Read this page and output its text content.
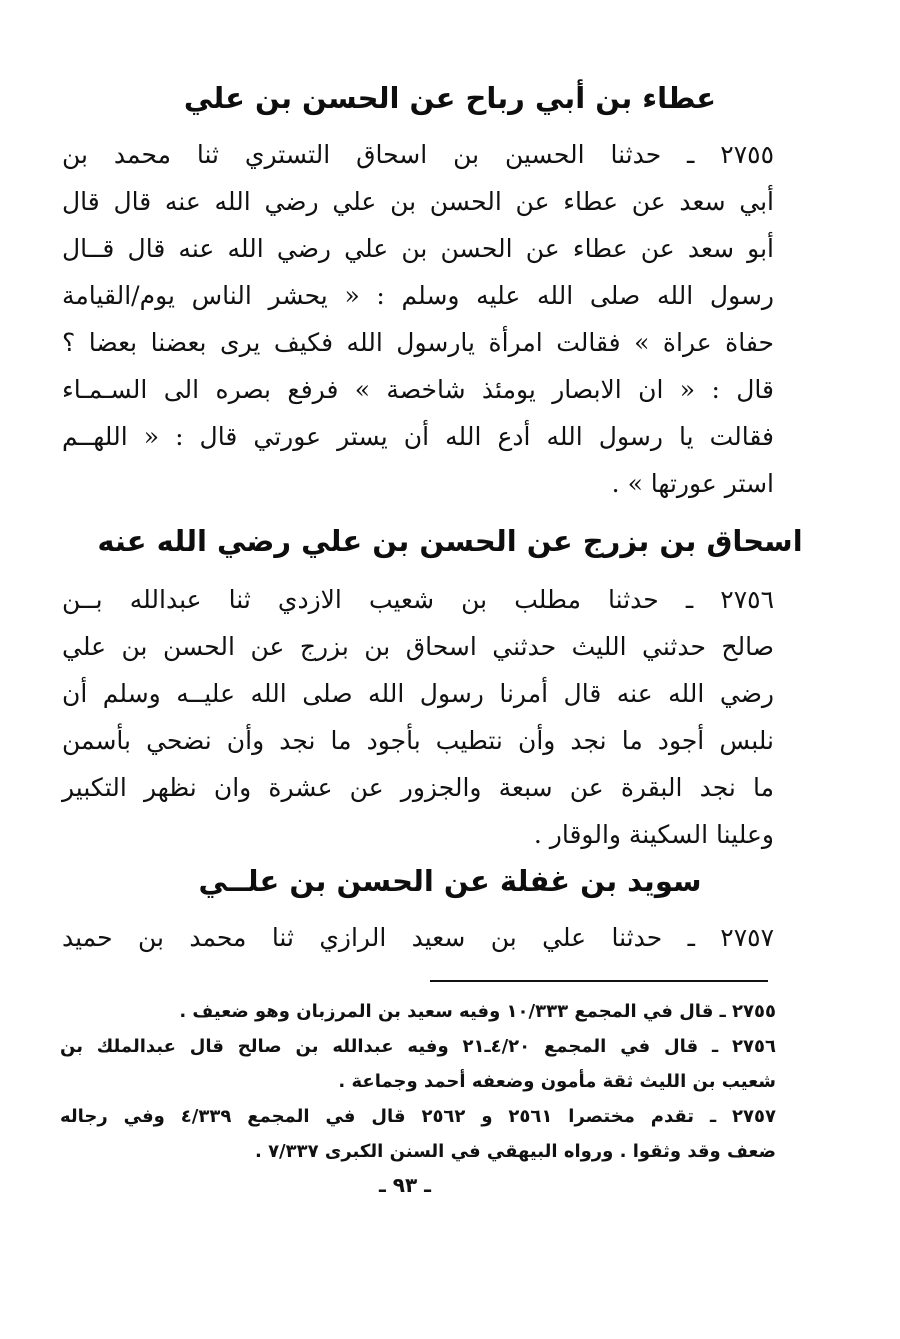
عطاء بن أبي رباح عن الحسن بن علي
٢٧٥٥ ـ حدثنا الحسين بن اسحاق التستري ثنا محمد بن
أبي سعد عن عطاء عن الحسن بن علي رضي الله عنه قال قال
أبو سعد عن عطاء عن الحسن بن علي رضي الله عنه قال قــال
رسول الله صلى الله عليه وسلم : « يحشر الناس يوم/القيامة
حفاة عراة » فقالت امرأة يارسول الله فكيف يرى بعضنا بعضا ؟
قال : « ان الابصار يومئذ شاخصة » فرفع بصره الى السـمـاء
فقالت يا رسول الله أدع الله أن يستر عورتي قال : « اللهــم
استر عورتها » .
اسحاق بن بزرج عن الحسن بن علي رضي الله عنه
٢٧٥٦ ـ حدثنا مطلب بن شعيب الازدي ثنا عبدالله بــن
صالح حدثني الليث حدثني اسحاق بن بزرج عن الحسن بن علي
رضي الله عنه قال أمرنا رسول الله صلى الله عليــه وسلم أن
نلبس أجود ما نجد وأن نتطيب بأجود ما نجد وأن نضحي بأسمن
ما نجد البقرة عن سبعة والجزور عن عشرة وان نظهر التكبير
وعلينا السكينة والوقار .
سويد بن غفلة عن الحسن بن علــي
٢٧٥٧ ـ حدثنا علي بن سعيد الرازي ثنا محمد بن حميد
٢٧٥٥ ـ قال في المجمع ١٠/٣٣٣ وفيه سعيد بن المرزبان وهو ضعيف .
٢٧٥٦ ـ قال في المجمع ٤/٢٠ـ٢١ وفيه عبدالله بن صالح قال عبدالملك بن
شعيب بن الليث ثقة مأمون وضعفه أحمد وجماعة .
٢٧٥٧ ـ تقدم مختصرا ٢٥٦١ و ٢٥٦٢ قال في المجمع ٤/٣٣٩ وفي رجاله
ضعف وقد وثقوا . ورواه البيهقي في السنن الكبرى ٧/٣٣٧ .
ـ ٩٣ ـ
